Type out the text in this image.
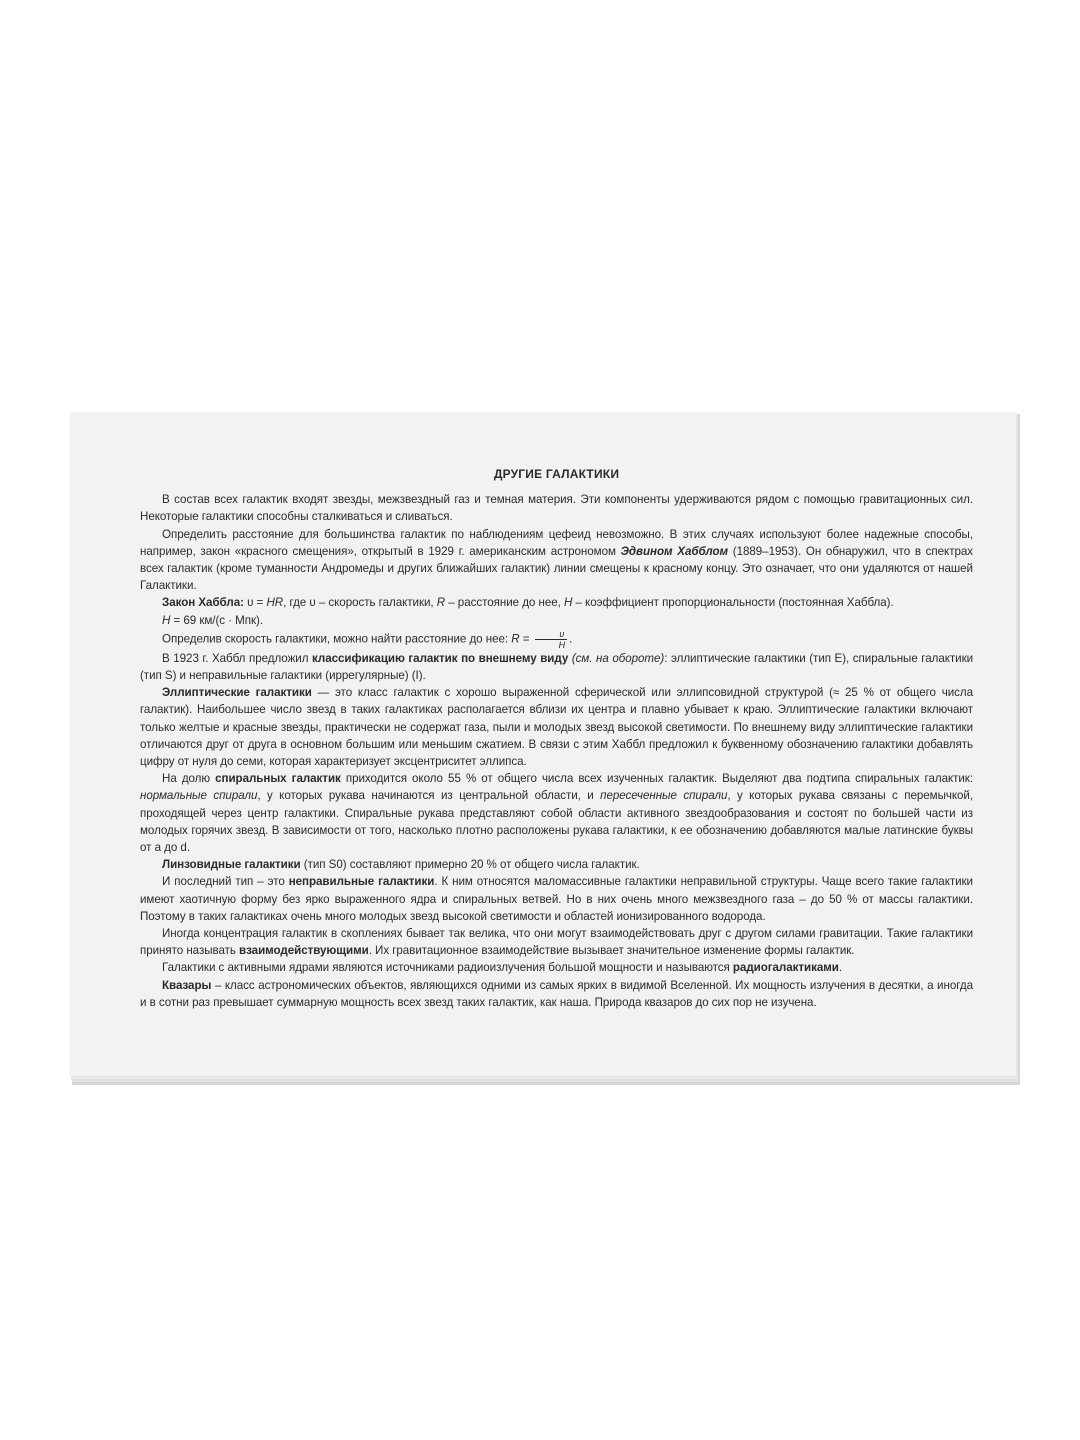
ДРУГИЕ ГАЛАКТИКИ

В состав всех галактик входят звезды, межзвездный газ и темная материя. Эти компоненты удерживаются рядом с помощью гравитационных сил. Некоторые галактики способны сталкиваться и сливаться.

Определить расстояние для большинства галактик по наблюдениям цефеид невозможно. В этих случаях используют более надежные способы, например, закон «красного смещения», открытый в 1929 г. американским астрономом Эдвином Хабблом (1889–1953). Он обнаружил, что в спектрах всех галактик (кроме туманности Андромеды и других ближайших галактик) линии смещены к красному концу. Это означает, что они удаляются от нашей Галактики.

Закон Хаббла: υ = HR, где υ – скорость галактики, R – расстояние до нее, H – коэффициент пропорциональности (постоянная Хаббла).

H = 69 км/(с · Мпк).

Определив скорость галактики, можно найти расстояние до нее: $R = \frac{\upsilon}{H}$ .

В 1923 г. Хаббл предложил классификацию галактик по внешнему виду (см. на обороте): эллиптические галактики (тип E), спиральные галактики (тип S) и неправильные галактики (иррегулярные) (I).

Эллиптические галактики — это класс галактик с хорошо выраженной сферической или эллипсовидной структурой (≈ 25 % от общего числа галактик). Наибольшее число звезд в таких галактиках располагается вблизи их центра и плавно убывает к краю. Эллиптические галактики включают только желтые и красные звезды, практически не содержат газа, пыли и молодых звезд высокой светимости. По внешнему виду эллиптические галактики отличаются друг от друга в основном большим или меньшим сжатием. В связи с этим Хаббл предложил к буквенному обозначению галактики добавлять цифру от нуля до семи, которая характеризует эксцентриситет эллипса.

На долю спиральных галактик приходится около 55 % от общего числа всех изученных галактик. Выделяют два подтипа спиральных галактик: нормальные спирали, у которых рукава начинаются из центральной области, и пересеченные спирали, у которых рукава связаны с перемычкой, проходящей через центр галактики. Спиральные рукава представляют собой области активного звездообразования и состоят по большей части из молодых горячих звезд. В зависимости от того, насколько плотно расположены рукава галактики, к ее обозначению добавляются малые латинские буквы от a до d.

Линзовидные галактики (тип S0) составляют примерно 20 % от общего числа галактик.

И последний тип – это неправильные галактики. К ним относятся маломассивные галактики неправильной структуры. Чаще всего такие галактики имеют хаотичную форму без ярко выраженного ядра и спиральных ветвей. Но в них очень много межзвездного газа – до 50 % от массы галактики. Поэтому в таких галактиках очень много молодых звезд высокой светимости и областей ионизированного водорода.

Иногда концентрация галактик в скоплениях бывает так велика, что они могут взаимодействовать друг с другом силами гравитации. Такие галактики принято называть взаимодействующими. Их гравитационное взаимодействие вызывает значительное изменение формы галактик.

Галактики с активными ядрами являются источниками радиоизлучения большой мощности и называются радиогалактиками.

Квазары – класс астрономических объектов, являющихся одними из самых ярких в видимой Вселенной. Их мощность излучения в десятки, а иногда и в сотни раз превышает суммарную мощность всех звезд таких галактик, как наша. Природа квазаров до сих пор не изучена.
